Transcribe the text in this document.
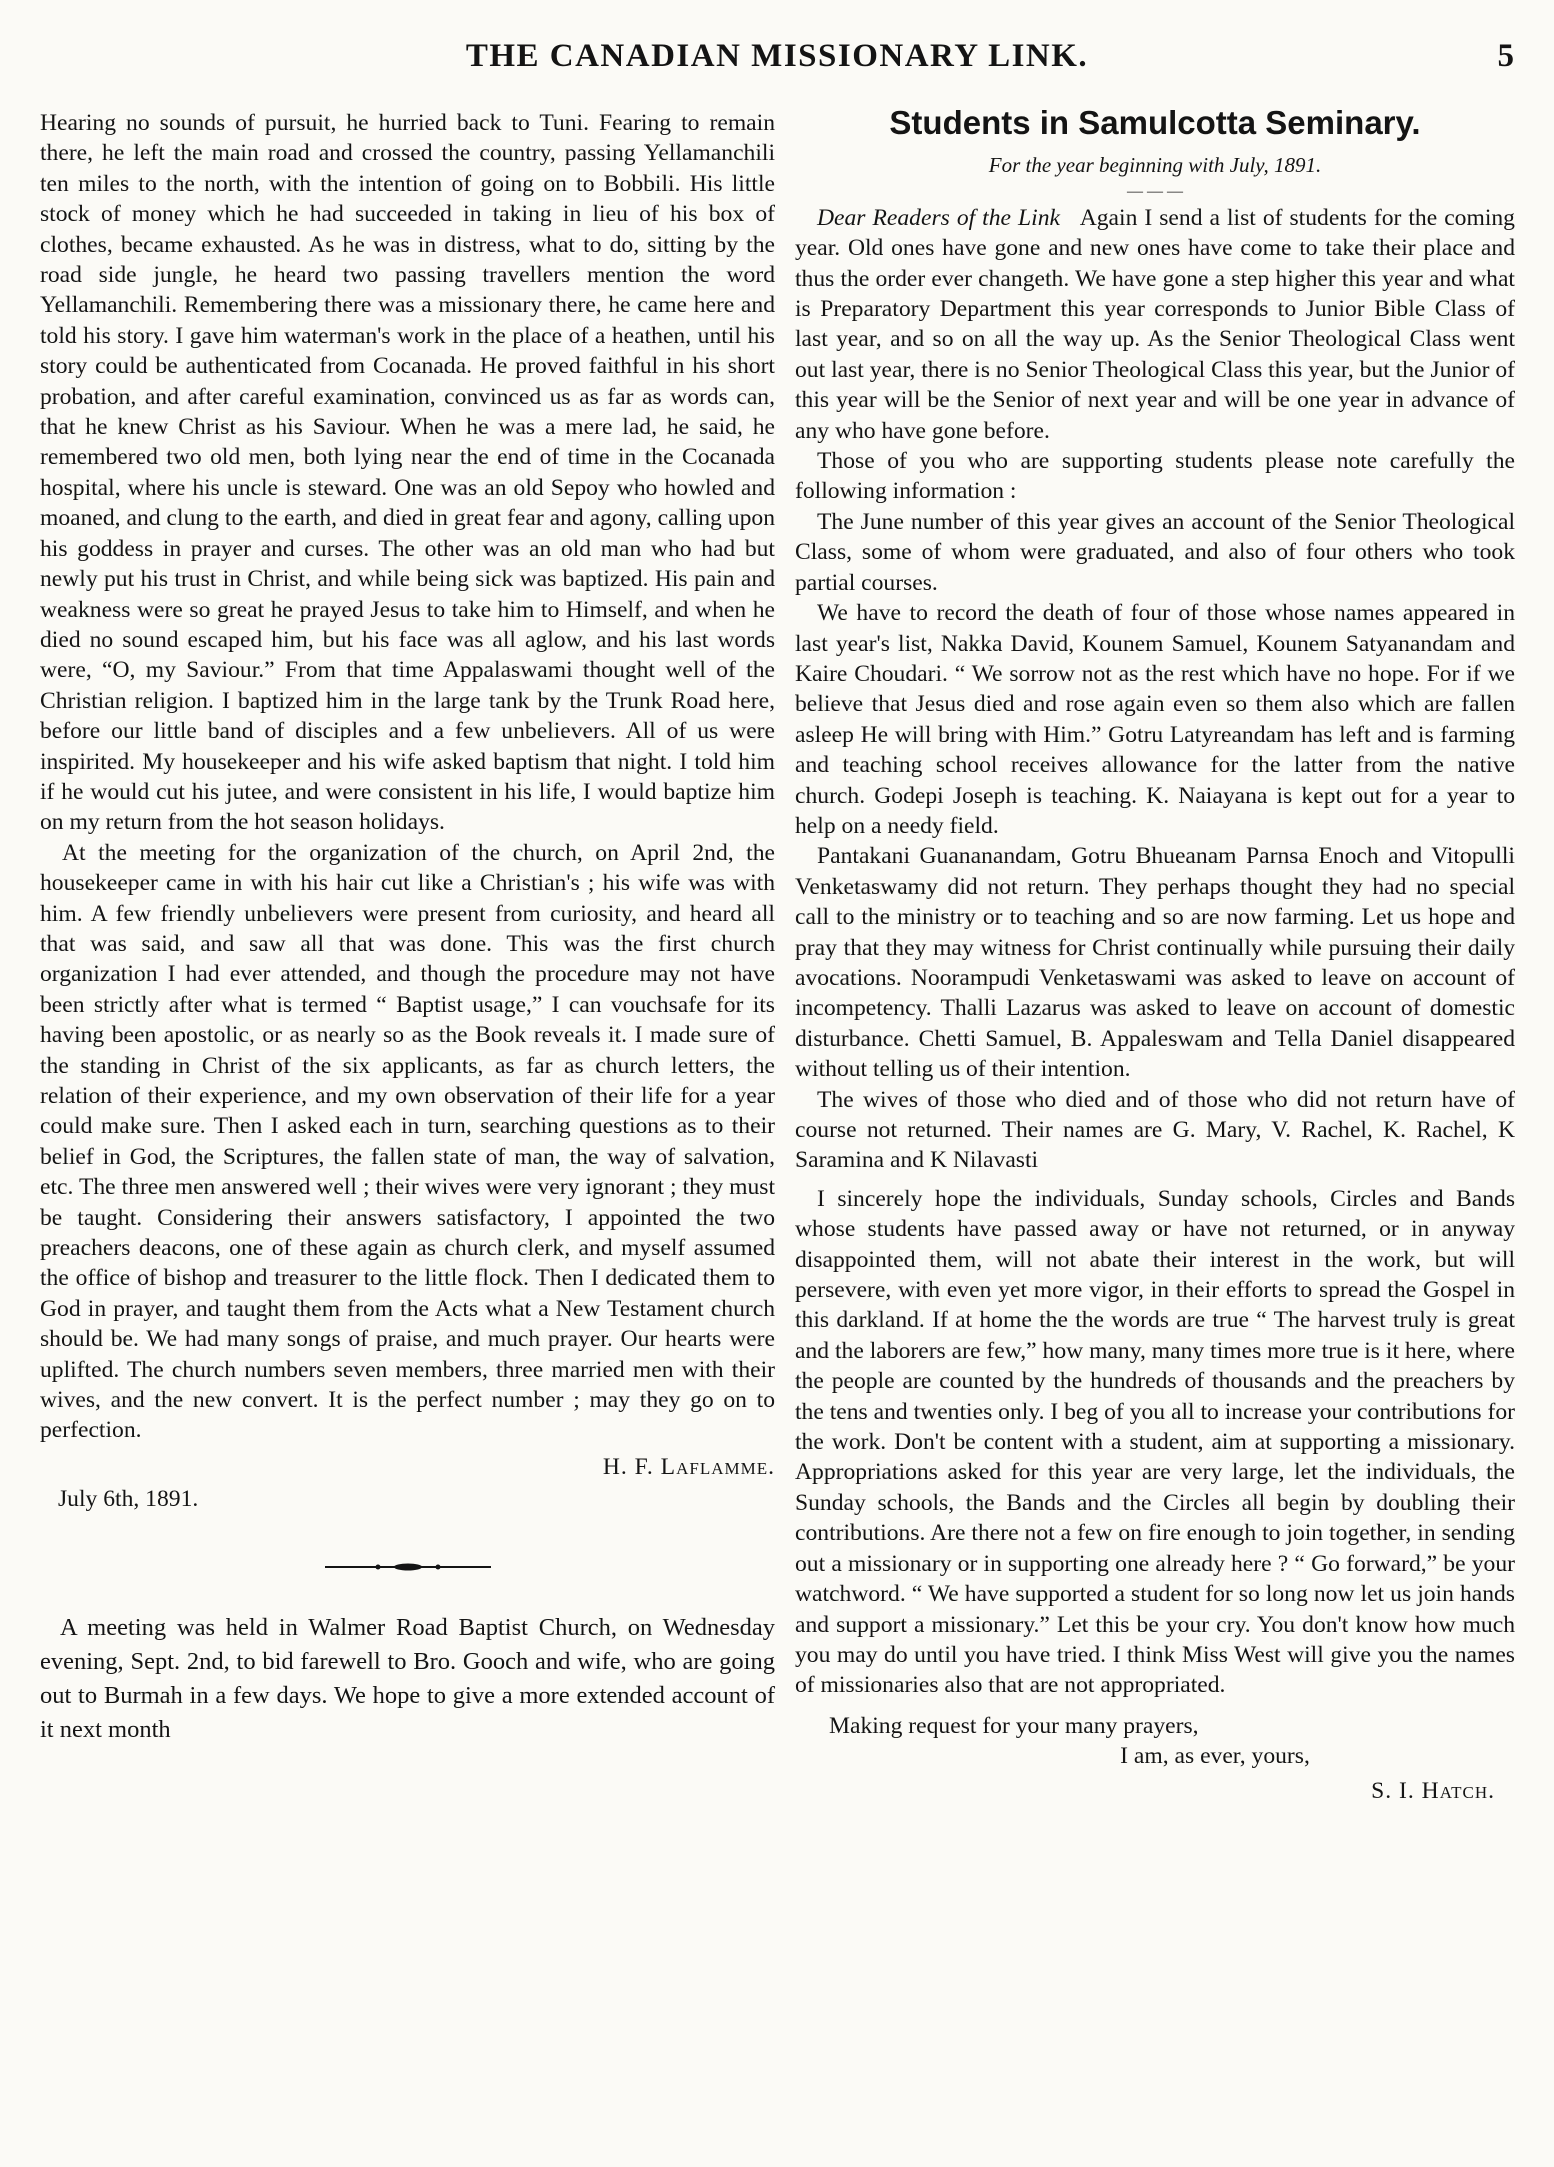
THE CANADIAN MISSIONARY LINK.	5

Hearing no sounds of pursuit, he hurried back to Tuni. Fearing to remain there, he left the main road and crossed the country, passing Yellamanchili ten miles to the north, with the intention of going on to Bobbili. His little stock of money which he had succeeded in taking in lieu of his box of clothes, became exhausted. As he was in distress, what to do, sitting by the road side jungle, he heard two passing travellers mention the word Yellamanchili. Remembering there was a missionary there, he came here and told his story. I gave him waterman's work in the place of a heathen, until his story could be authenticated from Cocanada. He proved faithful in his short probation, and after careful examination, convinced us as far as words can, that he knew Christ as his Saviour. When he was a mere lad, he said, he remembered two old men, both lying near the end of time in the Cocanada hospital, where his uncle is steward. One was an old Sepoy who howled and moaned, and clung to the earth, and died in great fear and agony, calling upon his goddess in prayer and curses. The other was an old man who had but newly put his trust in Christ, and while being sick was baptized. His pain and weakness were so great he prayed Jesus to take him to Himself, and when he died no sound escaped him, but his face was all aglow, and his last words were, “O, my Saviour.” From that time Appalaswami thought well of the Christian religion. I baptized him in the large tank by the Trunk Road here, before our little band of disciples and a few unbelievers. All of us were inspirited. My housekeeper and his wife asked baptism that night. I told him if he would cut his jutee, and were consistent in his life, I would baptize him on my return from the hot season holidays.

At the meeting for the organization of the church, on April 2nd, the housekeeper came in with his hair cut like a Christian's ; his wife was with him. A few friendly unbelievers were present from curiosity, and heard all that was said, and saw all that was done. This was the first church organization I had ever attended, and though the procedure may not have been strictly after what is termed “ Baptist usage,” I can vouchsafe for its having been apostolic, or as nearly so as the Book reveals it. I made sure of the standing in Christ of the six applicants, as far as church letters, the relation of their experience, and my own observation of their life for a year could make sure. Then I asked each in turn, searching questions as to their belief in God, the Scriptures, the fallen state of man, the way of salvation, etc. The three men answered well ; their wives were very ignorant ; they must be taught. Considering their answers satisfactory, I appointed the two preachers deacons, one of these again as church clerk, and myself assumed the office of bishop and treasurer to the little flock. Then I dedicated them to God in prayer, and taught them from the Acts what a New Testament church should be. We had many songs of praise, and much prayer. Our hearts were uplifted. The church numbers seven members, three married men with their wives, and the new convert. It is the perfect number ; may they go on to perfection.

H. F. Laflamme.

July 6th, 1891.

A meeting was held in Walmer Road Baptist Church, on Wednesday evening, Sept. 2nd, to bid farewell to Bro. Gooch and wife, who are going out to Burmah in a few days. We hope to give a more extended account of it next month

Students in Samulcotta Seminary.

For the year beginning with July, 1891.

— — —

Dear Readers of the Link Again I send a list of students for the coming year. Old ones have gone and new ones have come to take their place and thus the order ever changeth. We have gone a step higher this year and what is Preparatory Department this year corresponds to Junior Bible Class of last year, and so on all the way up. As the Senior Theological Class went out last year, there is no Senior Theological Class this year, but the Junior of this year will be the Senior of next year and will be one year in advance of any who have gone before.

Those of you who are supporting students please note carefully the following information :

The June number of this year gives an account of the Senior Theological Class, some of whom were graduated, and also of four others who took partial courses.

We have to record the death of four of those whose names appeared in last year's list, Nakka David, Kounem Samuel, Kounem Satyanandam and Kaire Choudari. “ We sorrow not as the rest which have no hope. For if we believe that Jesus died and rose again even so them also which are fallen asleep He will bring with Him.” Gotru Latyreandam has left and is farming and teaching school receives allowance for the latter from the native church. Godepi Joseph is teaching. K. Naiayana is kept out for a year to help on a needy field.

Pantakani Guananandam, Gotru Bhueanam Parnsa Enoch and Vitopulli Venketaswamy did not return. They perhaps thought they had no special call to the ministry or to teaching and so are now farming. Let us hope and pray that they may witness for Christ continually while pursuing their daily avocations. Noorampudi Venketaswami was asked to leave on account of incompetency. Thalli Lazarus was asked to leave on account of domestic disturbance. Chetti Samuel, B. Appaleswam and Tella Daniel disappeared without telling us of their intention.

The wives of those who died and of those who did not return have of course not returned. Their names are G. Mary, V. Rachel, K. Rachel, K Saramina and K Nilavasti

I sincerely hope the individuals, Sunday schools, Circles and Bands whose students have passed away or have not returned, or in anyway disappointed them, will not abate their interest in the work, but will persevere, with even yet more vigor, in their efforts to spread the Gospel in this darkland. If at home the the words are true “ The harvest truly is great and the laborers are few,” how many, many times more true is it here, where the people are counted by the hundreds of thousands and the preachers by the tens and twenties only. I beg of you all to increase your contributions for the work. Don't be content with a student, aim at supporting a missionary. Appropriations asked for this year are very large, let the individuals, the Sunday schools, the Bands and the Circles all begin by doubling their contributions. Are there not a few on fire enough to join together, in sending out a missionary or in supporting one already here ? “ Go forward,” be your watchword. “ We have supported a student for so long now let us join hands and support a missionary.” Let this be your cry. You don't know how much you may do until you have tried. I think Miss West will give you the names of missionaries also that are not appropriated.

Making request for your many prayers,

I am, as ever, yours,

S. I. Hatch.
